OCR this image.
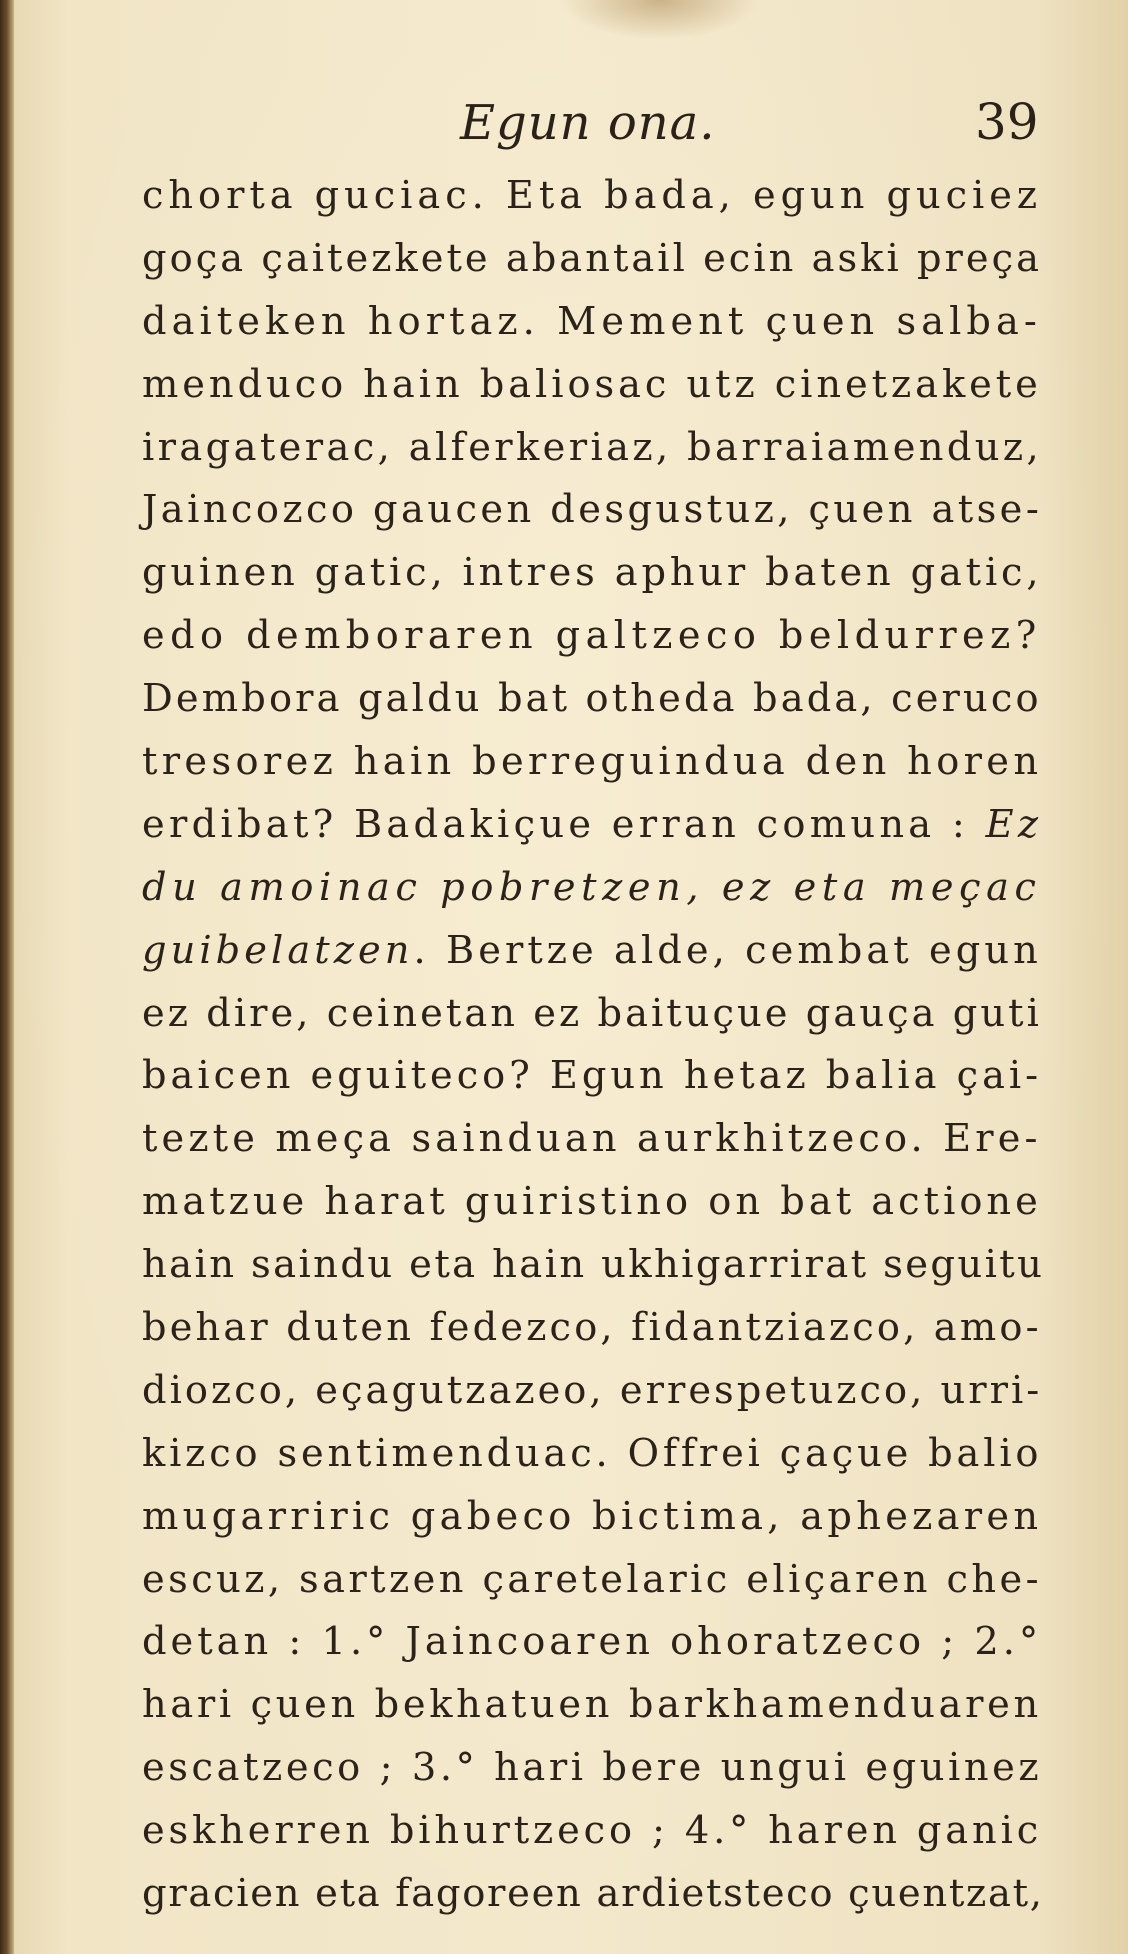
Egun ona.	39
chorta guciac. Eta bada, egun guciez
goça çaitezkete abantail ecin aski preça
daiteken hortaz. Mement çuen salba-
menduco hain baliosac utz cinetzakete
iragaterac, alferkeriaz, barraiamenduz,
Jaincozco gaucen desgustuz, çuen atse-
guinen gatic, intres aphur baten gatic,
edo demboraren galtzeco beldurrez?
Dembora galdu bat otheda bada, ceruco
tresorez hain berreguindua den horen
erdibat? Badakiçue erran comuna : Ez
du amoinac pobretzen, ez eta meçac
guibelatzen. Bertze alde, cembat egun
ez dire, ceinetan ez baituçue gauça guti
baicen eguiteco? Egun hetaz balia çai-
tezte meça sainduan aurkhitzeco. Ere-
matzue harat guiristino on bat actione
hain saindu eta hain ukhigarrirat seguitu
behar duten fedezco, fidantziazco, amo-
diozco, eçagutzazeo, errespetuzco, urri-
kizco sentimenduac. Offrei çaçue balio
mugarriric gabeco bictima, aphezaren
escuz, sartzen çaretelaric eliçaren che-
detan : 1.° Jaincoaren ohoratzeco ; 2.°
hari çuen bekhatuen barkhamenduaren
escatzeco ; 3.° hari bere ungui eguinez
eskherren bihurtzeco ; 4.° haren ganic
gracien eta fagoreen ardietsteco çuentzat,
